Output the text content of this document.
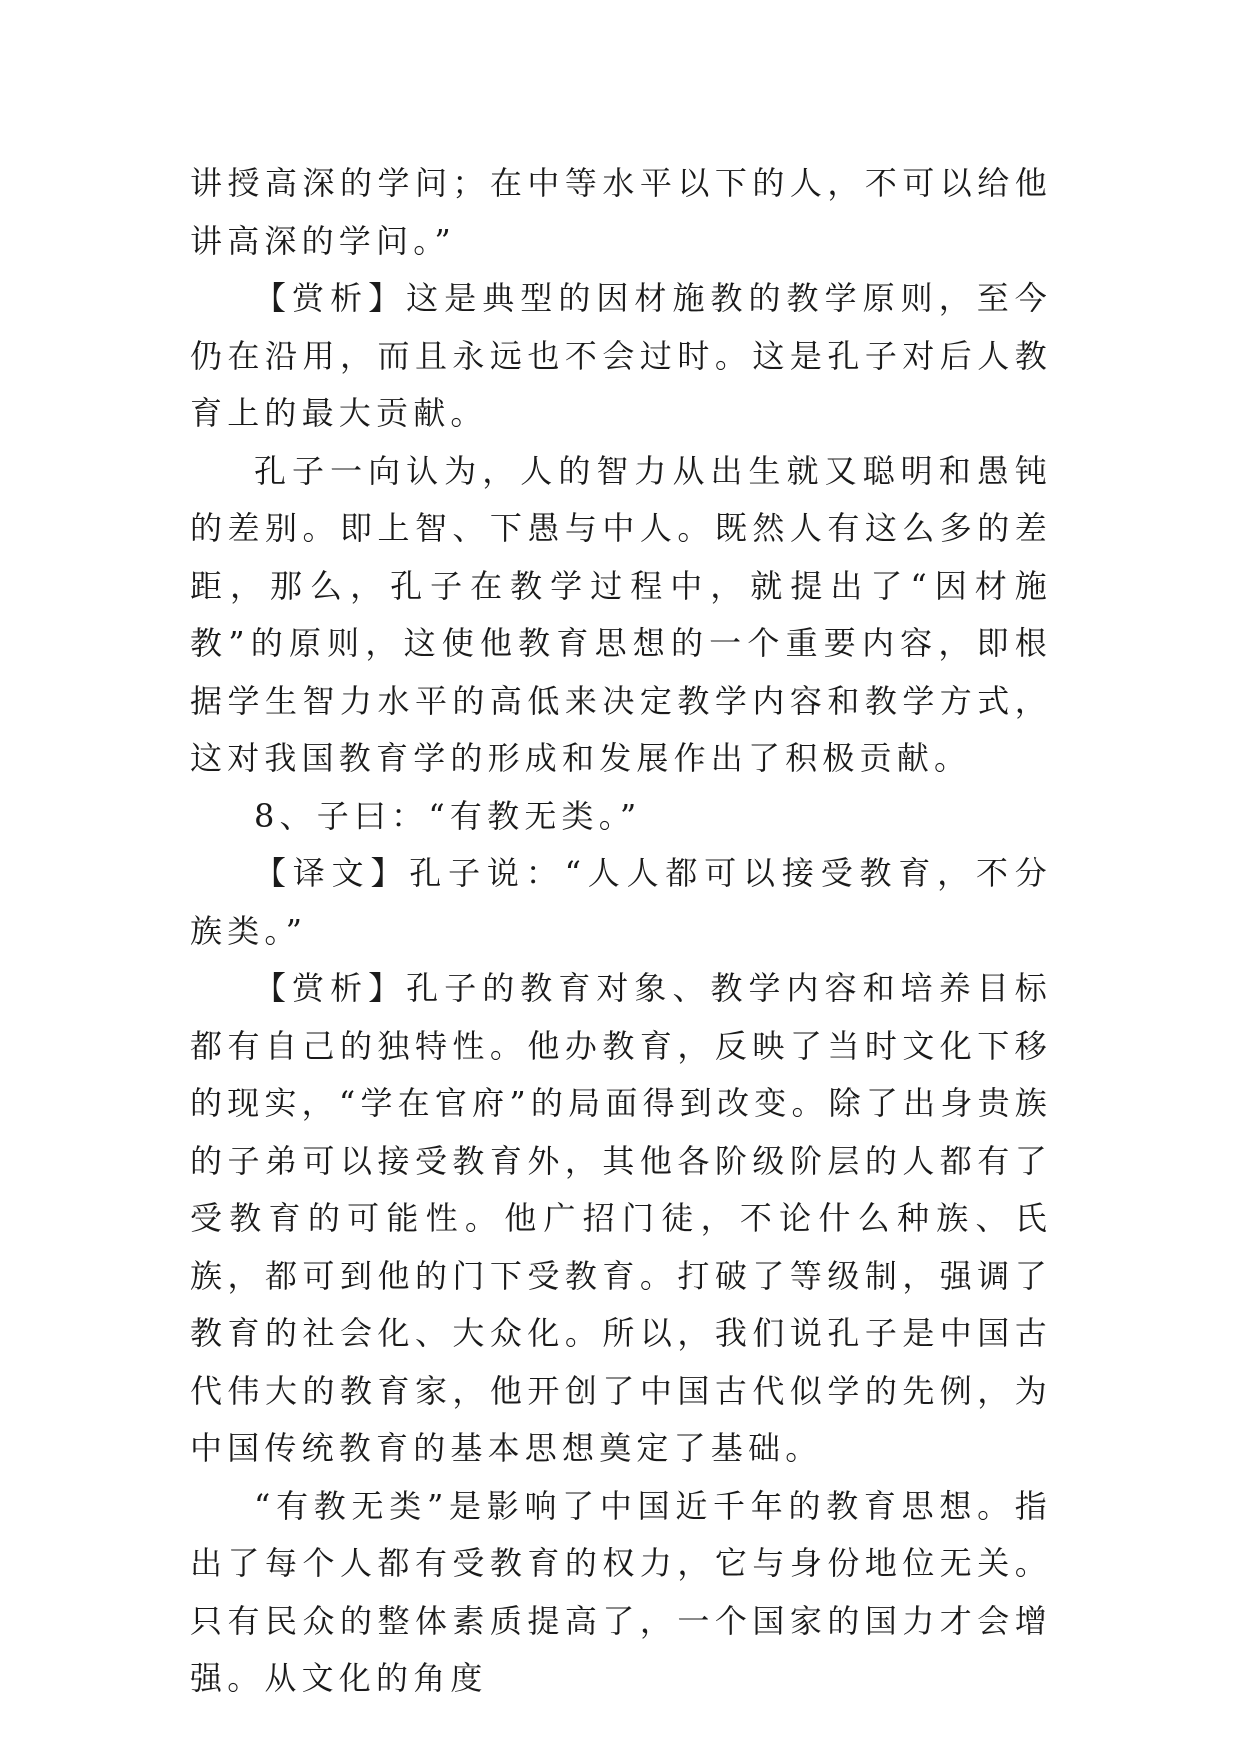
讲授高深的学问；在中等水平以下的人，不可以给他讲高深的学问。”

【赏析】这是典型的因材施教的教学原则，至今仍在沿用，而且永远也不会过时。这是孔子对后人教育上的最大贡献。

孔子一向认为，人的智力从出生就又聪明和愚钝的差别。即上智、下愚与中人。既然人有这么多的差距，那么，孔子在教学过程中，就提出了“因材施教”的原则，这使他教育思想的一个重要内容，即根据学生智力水平的高低来决定教学内容和教学方式，这对我国教育学的形成和发展作出了积极贡献。

8、子曰：“有教无类。”

【译文】孔子说：“人人都可以接受教育，不分族类。”

【赏析】孔子的教育对象、教学内容和培养目标都有自己的独特性。他办教育，反映了当时文化下移的现实，“学在官府”的局面得到改变。除了出身贵族的子弟可以接受教育外，其他各阶级阶层的人都有了受教育的可能性。他广招门徒，不论什么种族、氏族，都可到他的门下受教育。打破了等级制，强调了教育的社会化、大众化。所以，我们说孔子是中国古代伟大的教育家，他开创了中国古代似学的先例，为中国传统教育的基本思想奠定了基础。

“有教无类”是影响了中国近千年的教育思想。指出了每个人都有受教育的权力，它与身份地位无关。只有民众的整体素质提高了，一个国家的国力才会增强。从文化的角度
